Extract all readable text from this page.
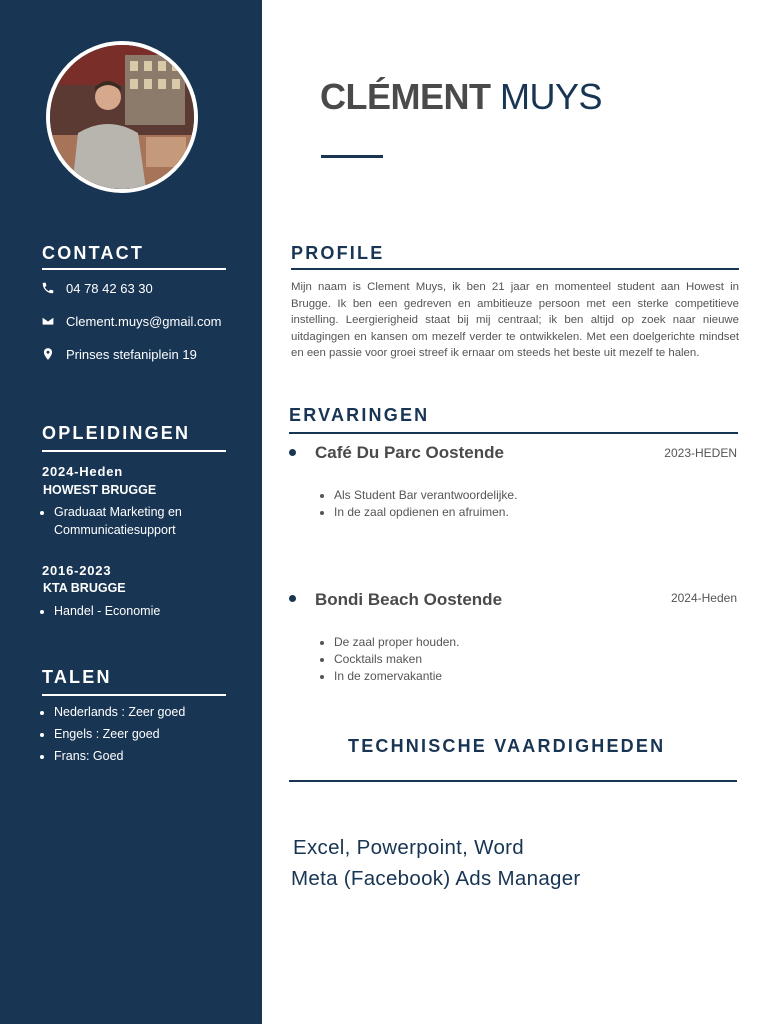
CONTACT
04 78 42 63 30
Clement.muys@gmail.com
Prinses stefaniplein 19
OPLEIDINGEN
2024-Heden
HOWEST BRUGGE
• Graduaat Marketing en Communicatiesupport
2016-2023
KTA BRUGGE
• Handel - Economie
TALEN
• Nederlands : Zeer goed
• Engels : Zeer goed
• Frans: Goed
CLÉMENT MUYS
PROFILE

Mijn naam is Clement Muys, ik ben 21 jaar en momenteel student aan Howest in Brugge. Ik ben een gedreven en ambitieuze persoon met een sterke competitieve instelling. Leergierigheid staat bij mij centraal; ik ben altijd op zoek naar nieuwe uitdagingen en kansen om mezelf verder te ontwikkelen. Met een doelgerichte mindset en een passie voor groei streef ik ernaar om steeds het beste uit mezelf te halen.

ERVARINGEN
Café Du Parc Oostende	2023-HEDEN
• Als Student Bar verantwoordelijke.
• In de zaal opdienen en afruimen.
Bondi Beach Oostende	2024-Heden
• De zaal proper houden.
• Cocktails maken
• In de zomervakantie
TECHNISCHE VAARDIGHEDEN
Excel, Powerpoint, Word
Meta (Facebook) Ads Manager
